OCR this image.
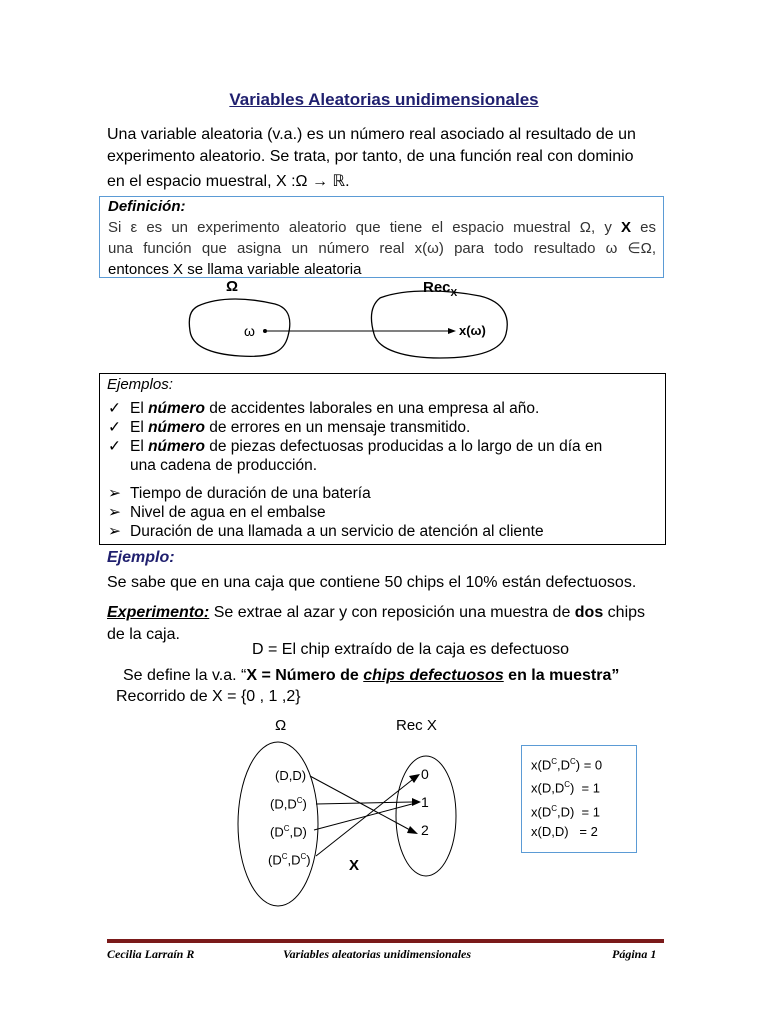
Variables Aleatorias unidimensionales
Una variable aleatoria (v.a.) es un número real asociado al resultado de un
experimento aleatorio. Se trata, por tanto, de una función real con dominio
en el espacio muestral, X :Ω → ℝ.
Definición:
Si ε es un experimento aleatorio que tiene el espacio muestral Ω, y X es
una función que asigna un número real x(ω) para todo resultado ω ∈Ω,
entonces X se llama variable aleatoria
Ω	Rec$_X$
ω	x(ω)
Ejemplos:
✓ El número de accidentes laborales en una empresa al año.
✓ El número de errores en un mensaje transmitido.
✓ El número de piezas defectuosas producidas a lo largo de un día en
una cadena de producción.
➢ Tiempo de duración de una batería
➢ Nivel de agua en el embalse
➢ Duración de una llamada a un servicio de atención al cliente
Ejemplo:
Se sabe que en una caja que contiene 50 chips el 10% están defectuosos.
Experimento: Se extrae al azar y con reposición una muestra de dos chips
de la caja.
D = El chip extraído de la caja es defectuoso
Se define la v.a. “X = Número de chips defectuosos en la muestra”
Recorrido de X = {0 , 1 ,2}
Ω	Rec X
(D,D)
$(D,D^C)$
$(D^C,D)$
$(D^C,D^C)$
0
1
2
X
$x(D^C,D^C) = 0$
$x(D,D^C) = 1$
$x(D^C,D) = 1$
x(D,D)   = 2
Cecilia Larraín R	Variables aleatorias unidimensionales	Página 1
